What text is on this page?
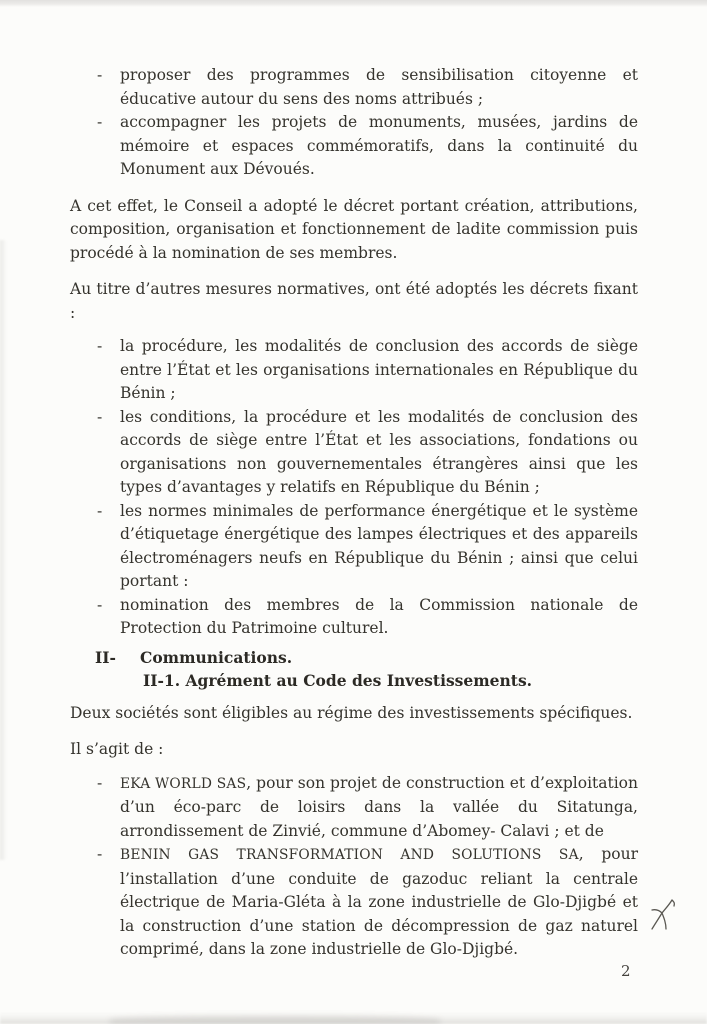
-	proposer des programmes de sensibilisation citoyenne et éducative autour du sens des noms attribués ;
-	accompagner les projets de monuments, musées, jardins de mémoire et espaces commémoratifs, dans la continuité du Monument aux Dévoués.

A cet effet, le Conseil a adopté le décret portant création, attributions, composition, organisation et fonctionnement de ladite commission puis procédé à la nomination de ses membres.

Au titre d’autres mesures normatives, ont été adoptés les décrets fixant :

-	la procédure, les modalités de conclusion des accords de siège entre l’État et les organisations internationales en République du Bénin ;
-	les conditions, la procédure et les modalités de conclusion des accords de siège entre l’État et les associations, fondations ou organisations non gouvernementales étrangères ainsi que les types d’avantages y relatifs en République du Bénin ;
-	les normes minimales de performance énergétique et le système d’étiquetage énergétique des lampes électriques et des appareils électroménagers neufs en République du Bénin ; ainsi que celui portant :
-	nomination des membres de la Commission nationale de Protection du Patrimoine culturel.
II-	Communications.
II-1. Agrément au Code des Investissements.

Deux sociétés sont éligibles au régime des investissements spécifiques.

Il s’agit de :

-	EKA WORLD SAS, pour son projet de construction et d’exploitation d’un éco-parc de loisirs dans la vallée du Sitatunga, arrondissement de Zinvié, commune d’Abomey- Calavi ; et de
-	BENIN GAS TRANSFORMATION AND SOLUTIONS SA, pour l’installation d’une conduite de gazoduc reliant la centrale électrique de Maria-Gléta à la zone industrielle de Glo-Djigbé et la construction d’une station de décompression de gaz naturel comprimé, dans la zone industrielle de Glo-Djigbé.
2
